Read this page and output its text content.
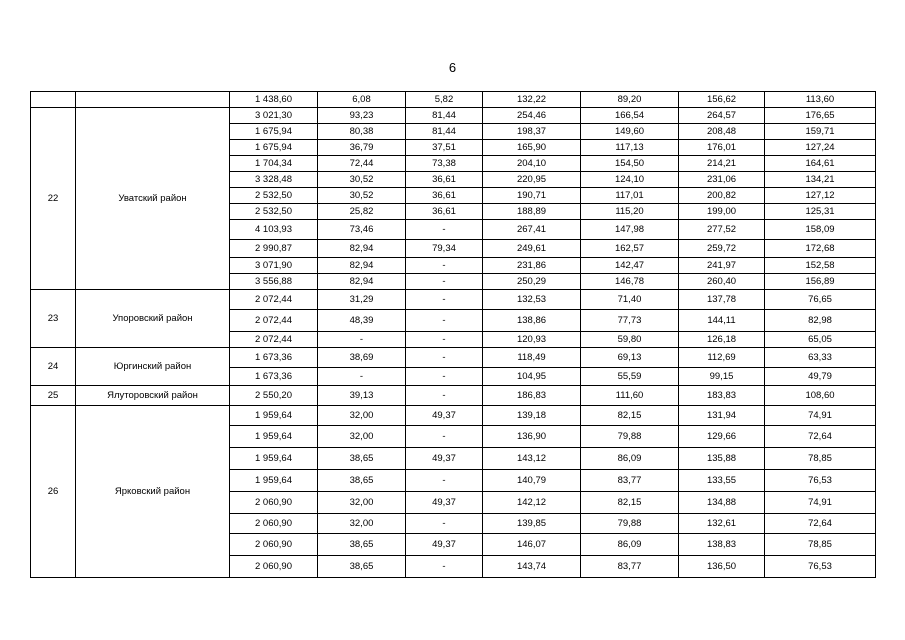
6
		1 438,60	6,08	5,82	132,22	89,20	156,62	113,60
22	Уватский район	3 021,30	93,23	81,44	254,46	166,54	264,57	176,65
		1 675,94	80,38	81,44	198,37	149,60	208,48	159,71
		1 675,94	36,79	37,51	165,90	117,13	176,01	127,24
		1 704,34	72,44	73,38	204,10	154,50	214,21	164,61
		3 328,48	30,52	36,61	220,95	124,10	231,06	134,21
		2 532,50	30,52	36,61	190,71	117,01	200,82	127,12
		2 532,50	25,82	36,61	188,89	115,20	199,00	125,31
		4 103,93	73,46	-	267,41	147,98	277,52	158,09
		2 990,87	82,94	79,34	249,61	162,57	259,72	172,68
		3 071,90	82,94	-	231,86	142,47	241,97	152,58
		3 556,88	82,94	-	250,29	146,78	260,40	156,89
23	Упоровский район	2 072,44	31,29	-	132,53	71,40	137,78	76,65
		2 072,44	48,39	-	138,86	77,73	144,11	82,98
		2 072,44	-	-	120,93	59,80	126,18	65,05
24	Юргинский район	1 673,36	38,69	-	118,49	69,13	112,69	63,33
		1 673,36	-	-	104,95	55,59	99,15	49,79
25	Ялуторовский район	2 550,20	39,13	-	186,83	111,60	183,83	108,60
26	Ярковский район	1 959,64	32,00	49,37	139,18	82,15	131,94	74,91
		1 959,64	32,00	-	136,90	79,88	129,66	72,64
		1 959,64	38,65	49,37	143,12	86,09	135,88	78,85
		1 959,64	38,65	-	140,79	83,77	133,55	76,53
		2 060,90	32,00	49,37	142,12	82,15	134,88	74,91
		2 060,90	32,00	-	139,85	79,88	132,61	72,64
		2 060,90	38,65	49,37	146,07	86,09	138,83	78,85
		2 060,90	38,65	-	143,74	83,77	136,50	76,53
